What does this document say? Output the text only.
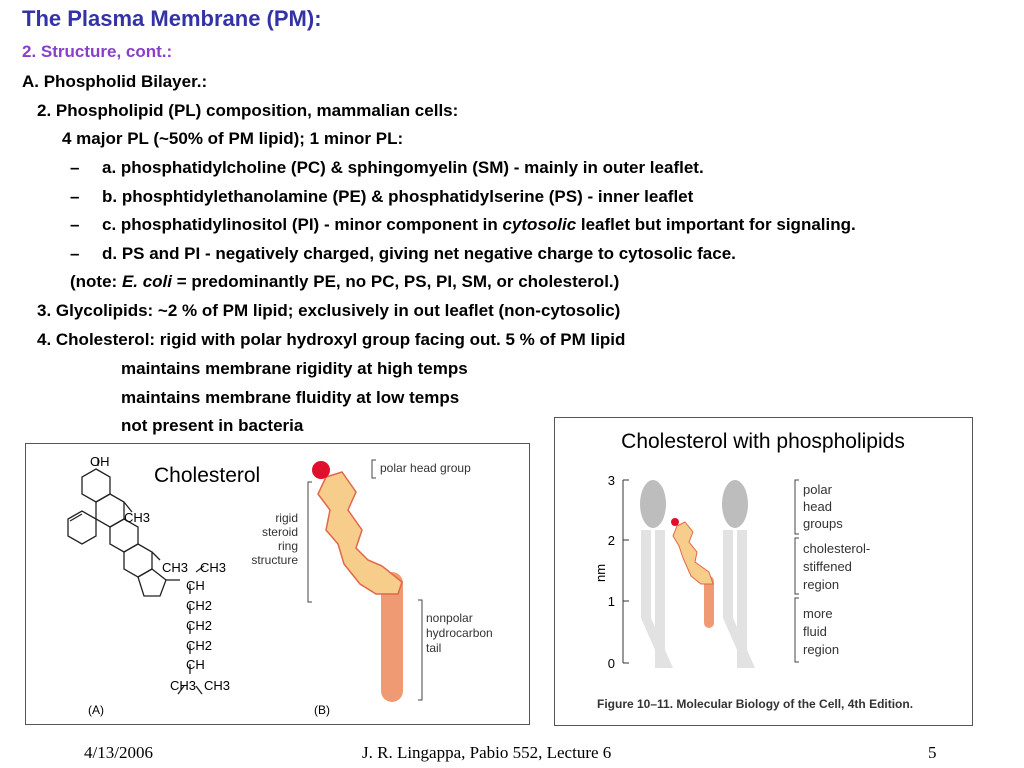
The Plasma Membrane (PM):
2. Structure, cont.:
A. Phospholid Bilayer.:
2. Phospholipid (PL) composition, mammalian cells:
4 major PL (~50% of PM lipid); 1 minor PL:
– a. phosphatidylcholine (PC) & sphingomyelin (SM) - mainly in outer leaflet.
– b. phosphtidylethanolamine (PE) & phosphatidylserine (PS) - inner leaflet
– c. phosphatidylinositol (PI) - minor component in cytosolic leaflet but important for signaling.
– d. PS and PI - negatively charged, giving net negative charge to cytosolic face.
(note: E. coli = predominantly PE, no PC, PS, PI, SM, or cholesterol.)
3. Glycolipids: ~2 % of PM lipid; exclusively in out leaflet (non-cytosolic)
4. Cholesterol: rigid with polar hydroxyl group facing out. 5 % of PM lipid
maintains membrane rigidity at high temps
maintains membrane fluidity at low temps
not present in bacteria
OH
CH3
CH3 CH3
CH
CH2
CH2
CH2
CH
CH3 CH3
(A)
Cholesterol	polar head group
rigid
steroid
ring
structure
nonpolar
hydrocarbon
tail
(B)
Cholesterol with phospholipids
3
2
1
0
nm
polar
head
groups
cholesterol-
stiffened
region
more
fluid
region
Figure 10–11. Molecular Biology of the Cell, 4th Edition.
4/13/2006	J. R. Lingappa, Pabio 552, Lecture 6	5
